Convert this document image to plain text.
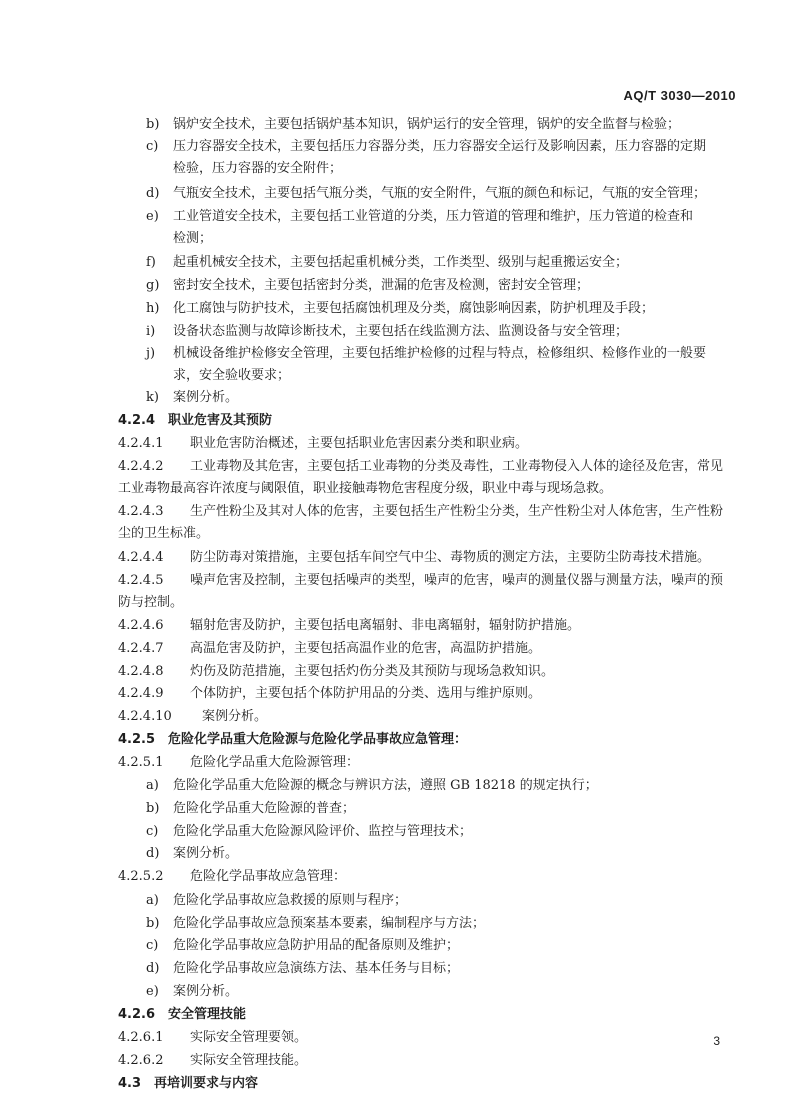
AQ/T 3030—2010
b) 锅炉安全技术，主要包括锅炉基本知识，锅炉运行的安全管理，锅炉的安全监督与检验；
c) 压力容器安全技术，主要包括压力容器分类，压力容器安全运行及影响因素，压力容器的定期
检验，压力容器的安全附件；
d) 气瓶安全技术，主要包括气瓶分类，气瓶的安全附件，气瓶的颜色和标记，气瓶的安全管理；
e) 工业管道安全技术，主要包括工业管道的分类，压力管道的管理和维护，压力管道的检查和
检测；
f) 起重机械安全技术，主要包括起重机械分类，工作类型、级别与起重搬运安全；
g) 密封安全技术，主要包括密封分类，泄漏的危害及检测，密封安全管理；
h) 化工腐蚀与防护技术，主要包括腐蚀机理及分类，腐蚀影响因素，防护机理及手段；
i) 设备状态监测与故障诊断技术，主要包括在线监测方法、监测设备与安全管理；
j) 机械设备维护检修安全管理，主要包括维护检修的过程与特点，检修组织、检修作业的一般要
求，安全验收要求；
k) 案例分析。
4.2.4 职业危害及其预防
4.2.4.1 职业危害防治概述，主要包括职业危害因素分类和职业病。
4.2.4.2 工业毒物及其危害，主要包括工业毒物的分类及毒性，工业毒物侵入人体的途径及危害，常见
工业毒物最高容许浓度与阈限值，职业接触毒物危害程度分级，职业中毒与现场急救。
4.2.4.3 生产性粉尘及其对人体的危害，主要包括生产性粉尘分类，生产性粉尘对人体危害，生产性粉
尘的卫生标准。
4.2.4.4 防尘防毒对策措施，主要包括车间空气中尘、毒物质的测定方法，主要防尘防毒技术措施。
4.2.4.5 噪声危害及控制，主要包括噪声的类型，噪声的危害，噪声的测量仪器与测量方法，噪声的预
防与控制。
4.2.4.6 辐射危害及防护，主要包括电离辐射、非电离辐射，辐射防护措施。
4.2.4.7 高温危害及防护，主要包括高温作业的危害，高温防护措施。
4.2.4.8 灼伤及防范措施，主要包括灼伤分类及其预防与现场急救知识。
4.2.4.9 个体防护，主要包括个体防护用品的分类、选用与维护原则。
4.2.4.10 案例分析。
4.2.5 危险化学品重大危险源与危险化学品事故应急管理：
4.2.5.1 危险化学品重大危险源管理：
a) 危险化学品重大危险源的概念与辨识方法，遵照 GB 18218 的规定执行；
b) 危险化学品重大危险源的普查；
c) 危险化学品重大危险源风险评价、监控与管理技术；
d) 案例分析。
4.2.5.2 危险化学品事故应急管理：
a) 危险化学品事故应急救援的原则与程序；
b) 危险化学品事故应急预案基本要素，编制程序与方法；
c) 危险化学品事故应急防护用品的配备原则及维护；
d) 危险化学品事故应急演练方法、基本任务与目标；
e) 案例分析。
4.2.6 安全管理技能
4.2.6.1 实际安全管理要领。
4.2.6.2 实际安全管理技能。
4.3 再培训要求与内容
3
